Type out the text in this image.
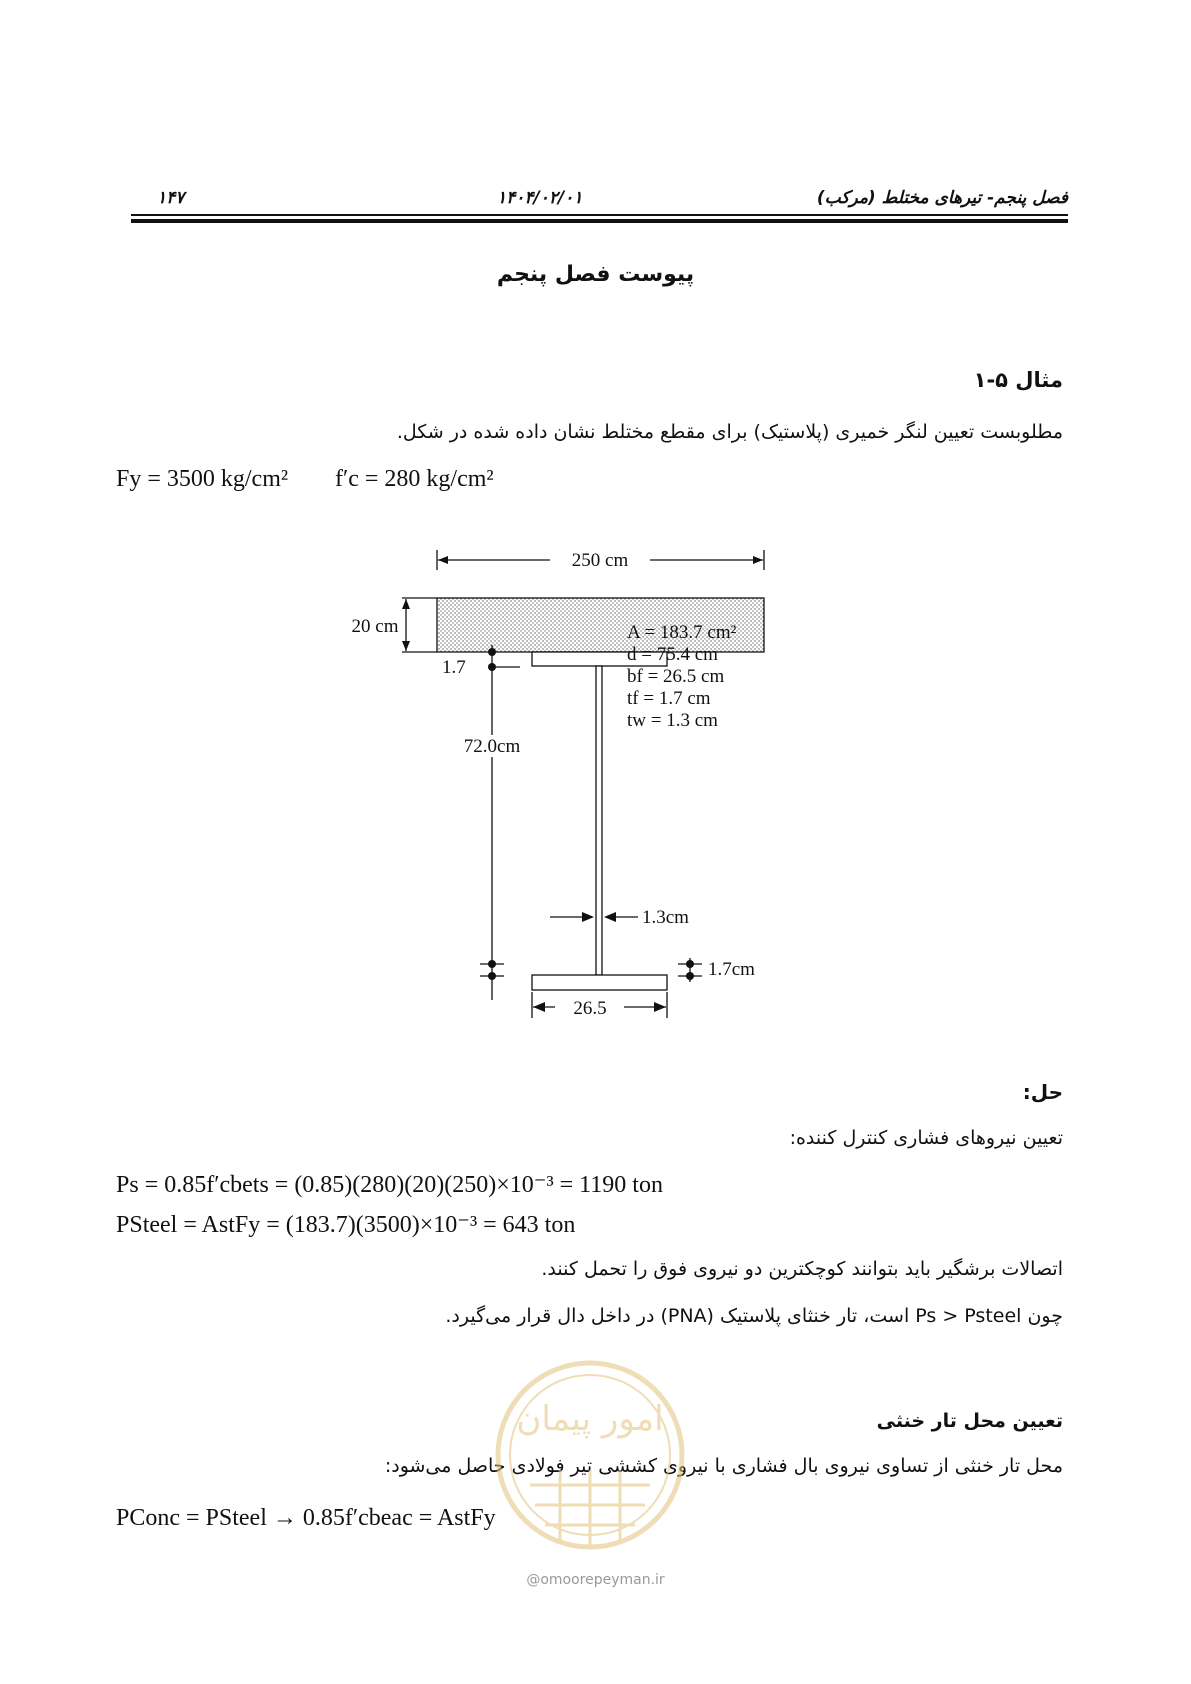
فصل پنجم- تیرهای مختلط (مرکب)
۱۴۰۴/۰۲/۰۱
۱۴۷
پیوست فصل پنجم
مثال ۵-۱
مطلوبست تعیین لنگر خمیری (پلاستیک) برای مقطع مختلط نشان داده شده در شکل.
Fy = 3500 kg/cm² f′c = 280 kg/cm²
250 cm
20 cm
1.7
72.0cm
1.3cm
1.7cm
26.5
A = 183.7 cm²
d = 75.4 cm
bf = 26.5 cm
tf = 1.7 cm
tw = 1.3 cm
حل:
تعیین نیروهای فشاری کنترل کننده:
Ps = 0.85f′cbets = (0.85)(280)(20)(250)×10⁻³ = 1190 ton
PSteel = AstFy = (183.7)(3500)×10⁻³ = 643 ton
اتصالات برشگیر باید بتوانند کوچکترین دو نیروی فوق را تحمل کنند.
چون Ps > Psteel است، تار خنثای پلاستیک (PNA) در داخل دال قرار می‌گیرد.
تعیین محل تار خنثی
محل تار خنثی از تساوی نیروی بال فشاری با نیروی کششی تیر فولادی حاصل می‌شود:
PConc = PSteel → 0.85f′cbeac = AstFy
امور پیمان
@omoorepeyman.ir
